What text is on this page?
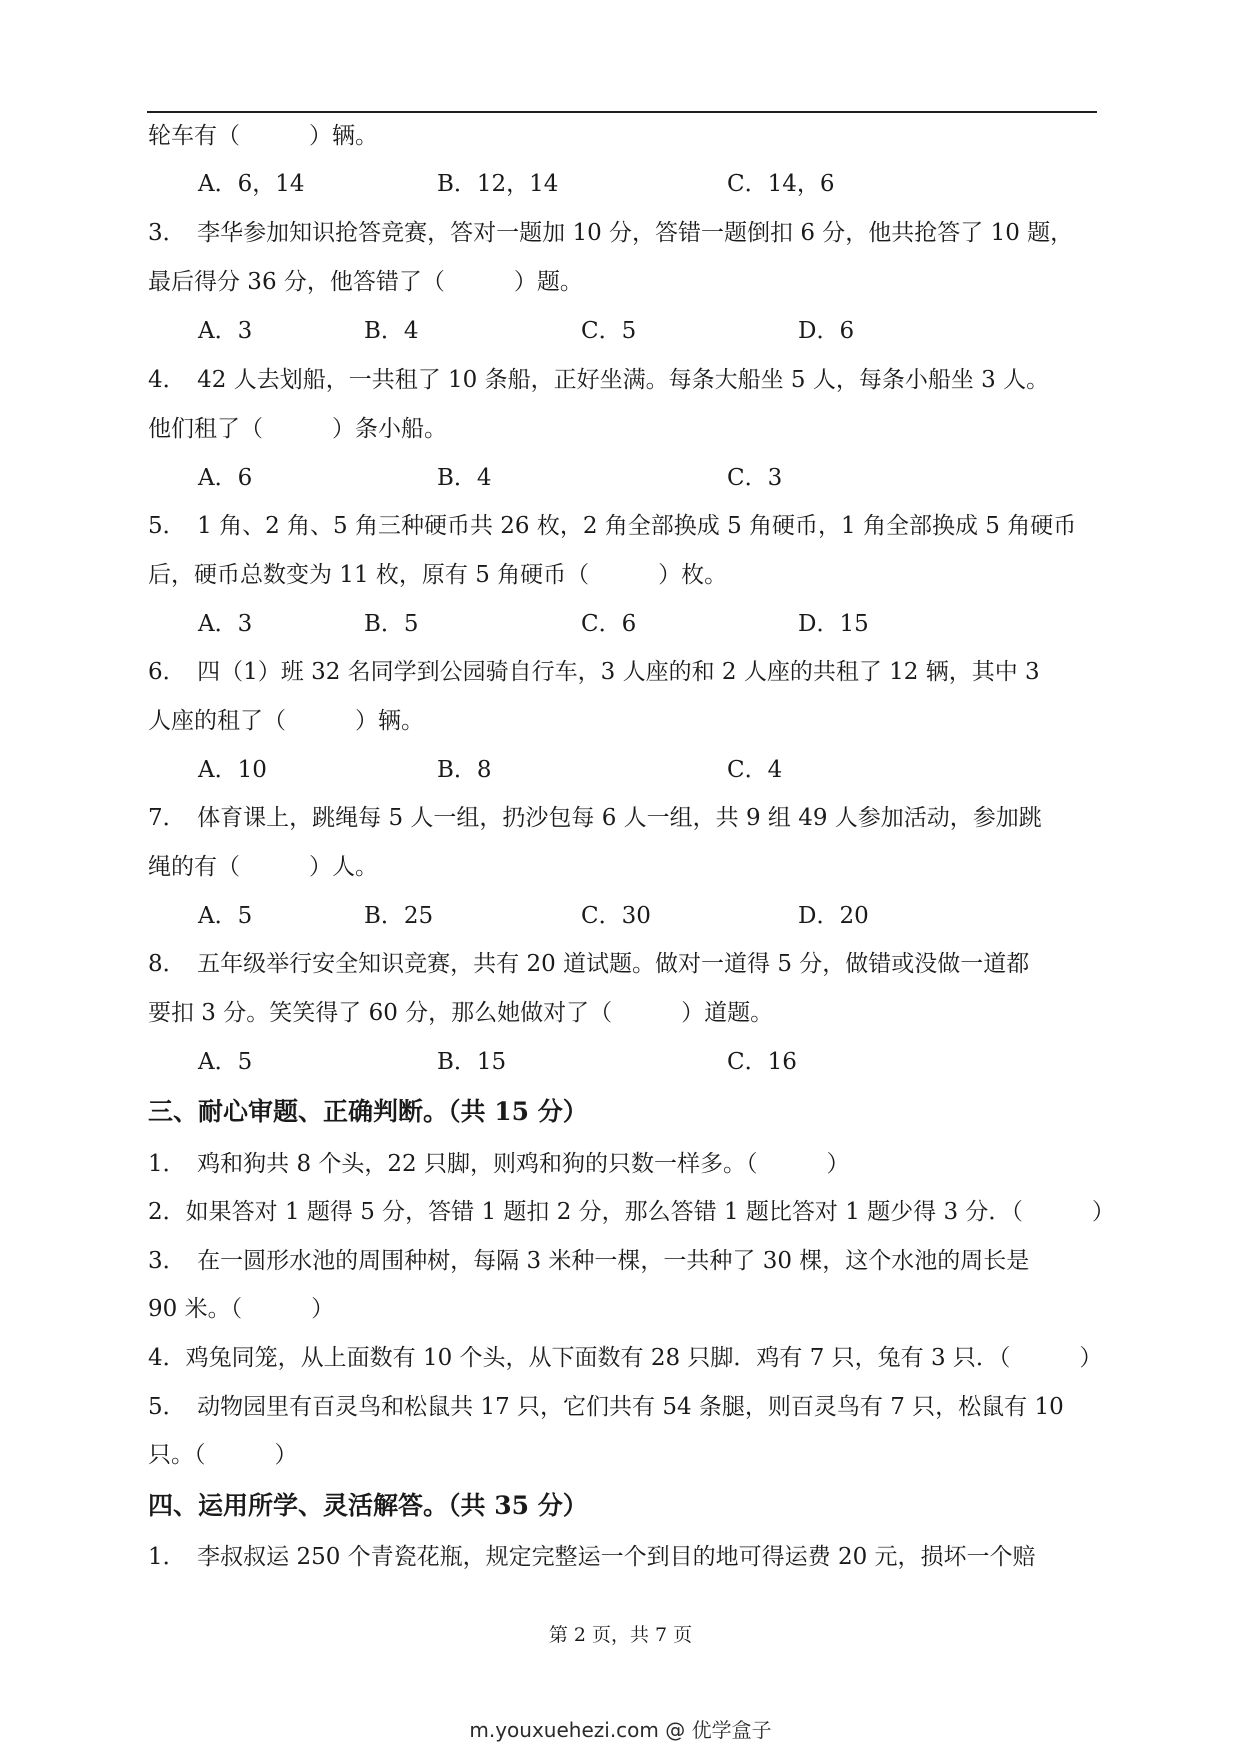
轮车有（　　　）辆。
A．6，14	B．12，14	C．14，6
3．　李华参加知识抢答竞赛，答对一题加 10 分，答错一题倒扣 6 分，他共抢答了 10 题，
最后得分 36 分，他答错了（　　　）题。
A．3	B．4	C．5	D．6
4．　42 人去划船，一共租了 10 条船，正好坐满。每条大船坐 5 人，每条小船坐 3 人。
他们租了（　　　）条小船。
A．6	B．4	C．3
5．　1 角、2 角、5 角三种硬币共 26 枚，2 角全部换成 5 角硬币，1 角全部换成 5 角硬币
后，硬币总数变为 11 枚，原有 5 角硬币（　　　）枚。
A．3	B．5	C．6	D．15
6．　四（1）班 32 名同学到公园骑自行车，3 人座的和 2 人座的共租了 12 辆，其中 3
人座的租了（　　　）辆。
A．10	B．8	C．4
7．　体育课上，跳绳每 5 人一组，扔沙包每 6 人一组，共 9 组 49 人参加活动，参加跳
绳的有（　　　）人。
A．5	B．25	C．30	D．20
8．　五年级举行安全知识竞赛，共有 20 道试题。做对一道得 5 分，做错或没做一道都
要扣 3 分。笑笑得了 60 分，那么她做对了（　　　）道题。
A．5	B．15	C．16
三、耐心审题、正确判断。（共 15 分）
1．　鸡和狗共 8 个头，22 只脚，则鸡和狗的只数一样多。（　　　）
2．如果答对 1 题得 5 分，答错 1 题扣 2 分，那么答错 1 题比答对 1 题少得 3 分．（　　　）
3．　在一圆形水池的周围种树，每隔 3 米种一棵，一共种了 30 棵，这个水池的周长是
90 米。（　　　）
4．鸡兔同笼，从上面数有 10 个头，从下面数有 28 只脚．鸡有 7 只，兔有 3 只．（　　　）
5．　动物园里有百灵鸟和松鼠共 17 只，它们共有 54 条腿，则百灵鸟有 7 只，松鼠有 10
只。（　　　）
四、运用所学、灵活解答。（共 35 分）
1．　李叔叔运 250 个青瓷花瓶，规定完整运一个到目的地可得运费 20 元，损坏一个赔
第 2 页，共 7 页
m.youxuehezi.com @ 优学盒子
